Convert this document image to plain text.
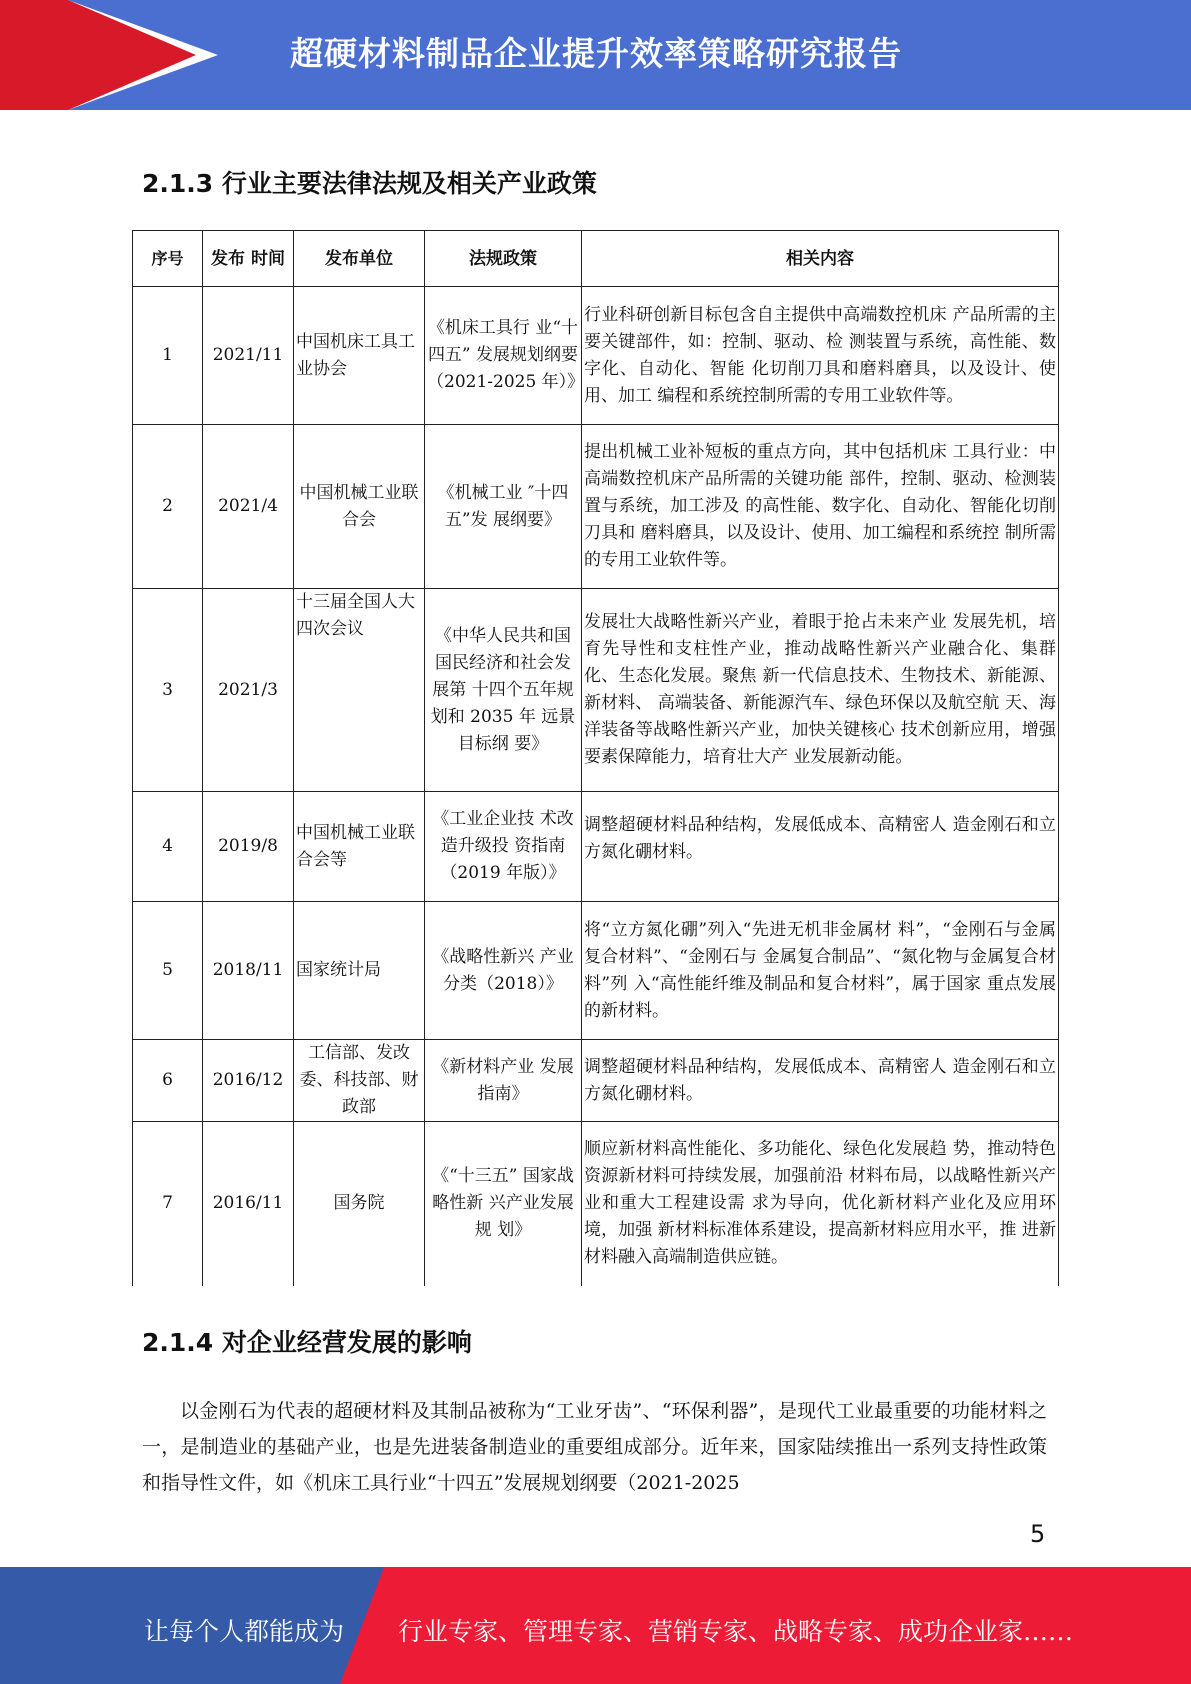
超硬材料制品企业提升效率策略研究报告
2.1.3 行业主要法律法规及相关产业政策
序号	发布 时间	发布单位	法规政策	相关内容
1	2021/11	中国机床工具工业协会	《机床工具行 业“十四五” 发展规划纲要（2021-2025 年）》	行业科研创新目标包含自主提供中高端数控机床 产品所需的主要关键部件，如：控制、驱动、检 测装置与系统，高性能、数字化、自动化、智能 化切削刀具和磨料磨具，以及设计、使用、加工 编程和系统控制所需的专用工业软件等。
2	2021/4	中国机械工业联合会	《机械工业 ″十四五”发 展纲要》	提出机械工业补短板的重点方向，其中包括机床 工具行业：中高端数控机床产品所需的关键功能 部件，控制、驱动、检测装置与系统，加工涉及 的高性能、数字化、自动化、智能化切削刀具和 磨料磨具，以及设计、使用、加工编程和系统控 制所需的专用工业软件等。
3	2021/3	十三届全国人大四次会议	《中华人民共和国国民经济和社会发展第 十四个五年规 划和 2035 年 远景目标纲 要》	发展壮大战略性新兴产业，着眼于抢占未来产业 发展先机，培育先导性和支柱性产业，推动战略性新兴产业融合化、集群化、生态化发展。聚焦 新一代信息技术、生物技术、新能源、新材料、 高端装备、新能源汽车、绿色环保以及航空航 天、海洋装备等战略性新兴产业，加快关键核心 技术创新应用，增强要素保障能力，培育壮大产 业发展新动能。
4	2019/8	中国机械工业联合会等	《工业企业技 术改造升级投 资指南（2019 年版）》	调整超硬材料品种结构，发展低成本、高精密人 造金刚石和立方氮化硼材料。
5	2018/11	国家统计局	《战略性新兴 产业分类（2018）》	将“立方氮化硼”列入“先进无机非金属材 料”，“金刚石与金属复合材料”、“金刚石与 金属复合制品”、“氮化物与金属复合材料”列 入“高性能纤维及制品和复合材料”，属于国家 重点发展的新材料。
6	2016/12	工信部、发改委、科技部、财政部	《新材料产业 发展指南》	调整超硬材料品种结构，发展低成本、高精密人 造金刚石和立方氮化硼材料。
7	2016/11	国务院	《“十三五” 国家战略性新 兴产业发展规 划》	顺应新材料高性能化、多功能化、绿色化发展趋 势，推动特色资源新材料可持续发展，加强前沿 材料布局，以战略性新兴产业和重大工程建设需 求为导向，优化新材料产业化及应用环境，加强 新材料标准体系建设，提高新材料应用水平，推 进新材料融入高端制造供应链。
2.1.4 对企业经营发展的影响
以金刚石为代表的超硬材料及其制品被称为“工业牙齿”、“环保利器”，是现代工业最重要的功能材料之一，是制造业的基础产业，也是先进装备制造业的重要组成部分。近年来，国家陆续推出一系列支持性政策和指导性文件，如《机床工具行业“十四五”发展规划纲要（2021-2025
5
让每个人都能成为 行业专家、管理专家、营销专家、战略专家、成功企业家……
